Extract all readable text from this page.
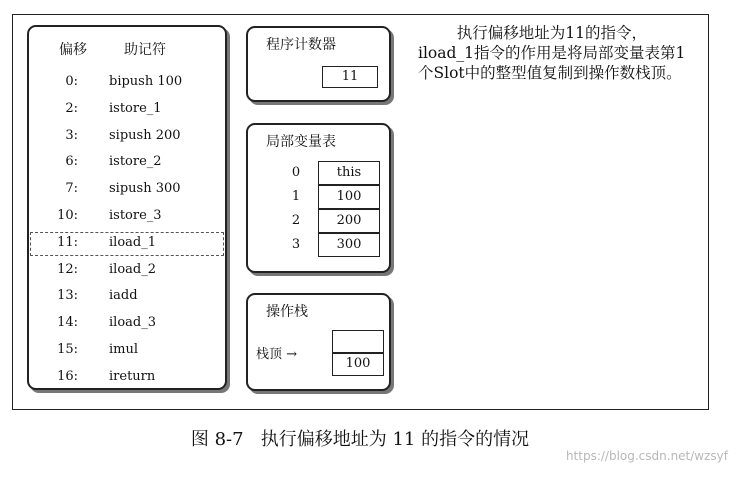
偏移	助记符
0: bipush 100
2: istore_1
3: sipush 200
6: istore_2
7: sipush 300
10: istore_3
11: iload_1
12: iload_2
13: iadd
14: iload_3
15: imul
16: ireturn
程序计数器
11
局部变量表
0	this
1	100
2	200
3	300
操作栈
栈顶 →
100
执行偏移地址为11的指令，iload_1指令的作用是将局部变量表第1个Slot中的整型值复制到操作数栈顶。
图 8-7   执行偏移地址为 11 的指令的情况
https://blog.csdn.net/wzsyf
